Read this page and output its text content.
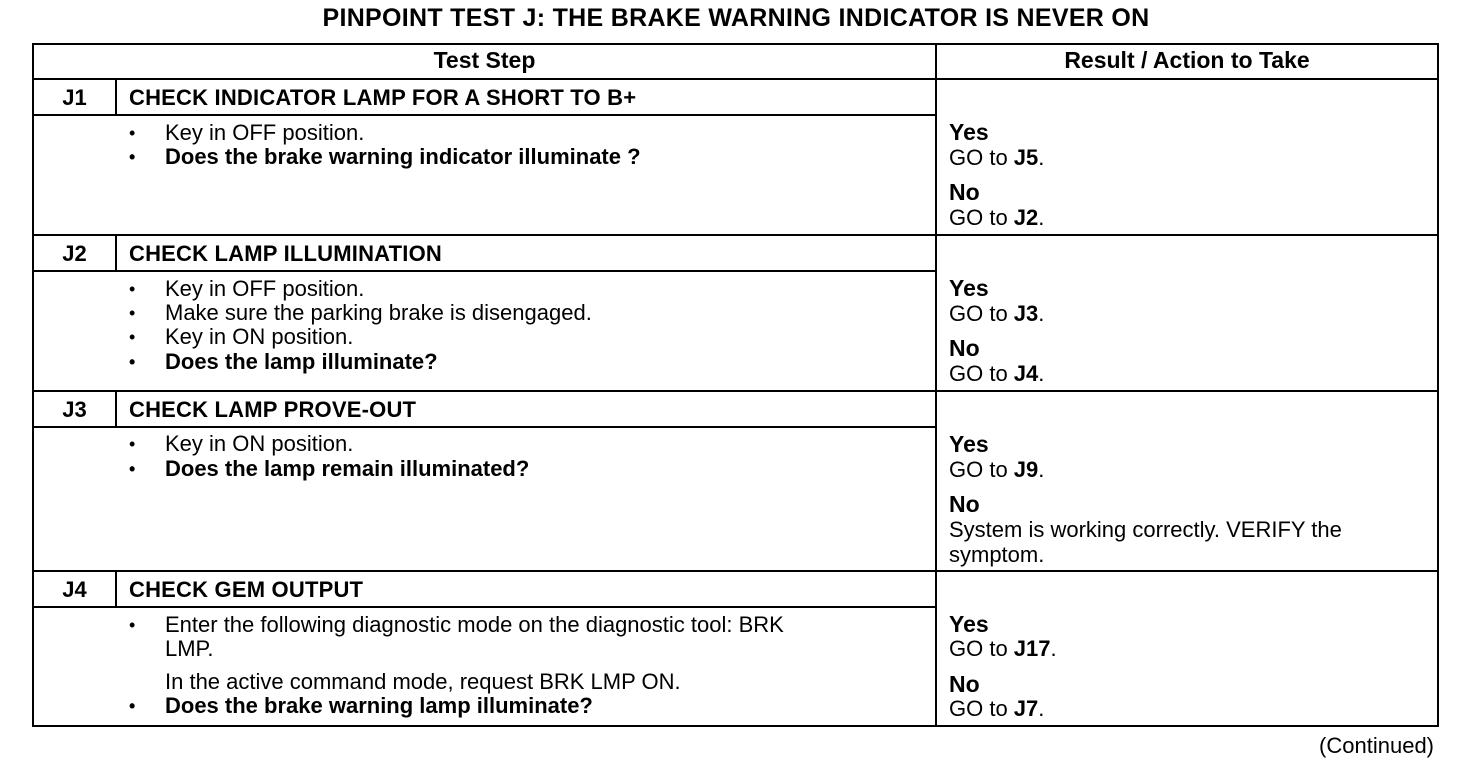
PINPOINT TEST J: THE BRAKE WARNING INDICATOR IS NEVER ON
Test Step	Result / Action to Take
J1	CHECK INDICATOR LAMP FOR A SHORT TO B+
•	Key in OFF position.
•	Does the brake warning indicator illuminate ?
Yes
GO to J5.
No
GO to J2.
J2	CHECK LAMP ILLUMINATION
•	Key in OFF position.
•	Make sure the parking brake is disengaged.
•	Key in ON position.
•	Does the lamp illuminate?
Yes
GO to J3.
No
GO to J4.
J3	CHECK LAMP PROVE-OUT
•	Key in ON position.
•	Does the lamp remain illuminated?
Yes
GO to J9.
No
System is working correctly. VERIFY the
symptom.
J4	CHECK GEM OUTPUT
•	Enter the following diagnostic mode on the diagnostic tool: BRK
LMP.
In the active command mode, request BRK LMP ON.
•	Does the brake warning lamp illuminate?
Yes
GO to J17.
No
GO to J7.
(Continued)
